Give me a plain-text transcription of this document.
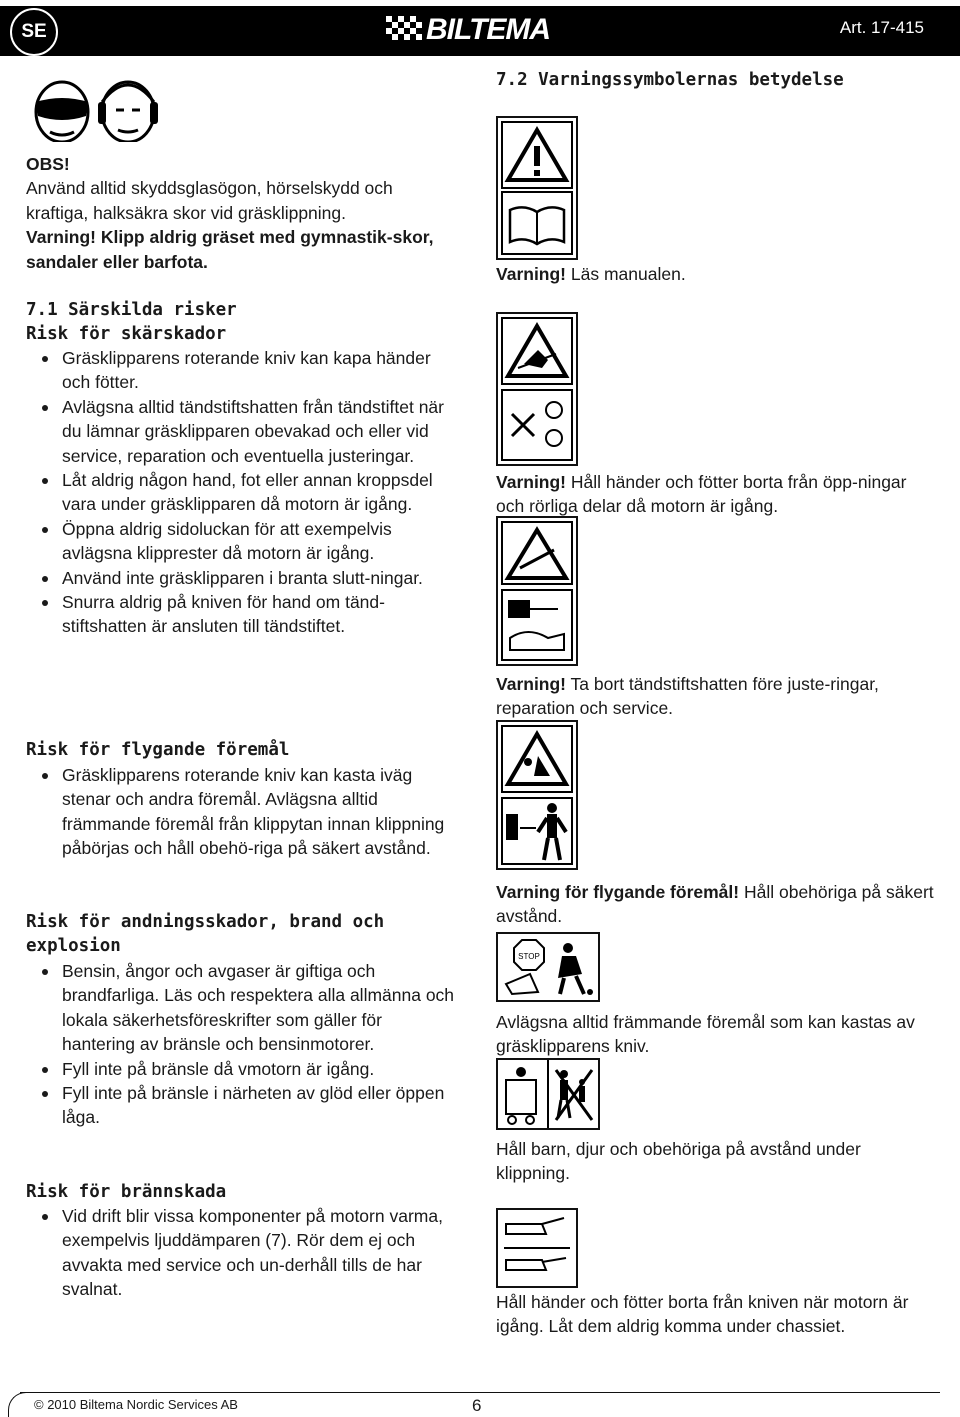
SE	BILTEMA	Art. 17-415
OBS!
Använd alltid skyddsglasögon, hörselskydd och kraftiga, halksäkra skor vid gräsklippning.
Varning! Klipp aldrig gräset med gymnastik-skor, sandaler eller barfota.
7.1 Särskilda risker
Risk för skärskador
Gräsklipparens roterande kniv kan kapa händer och fötter.
Avlägsna alltid tändstiftshatten från tändstiftet när du lämnar gräsklipparen obevakad och eller vid service, reparation och eventuella justeringar.
Låt aldrig någon hand, fot eller annan kroppsdel vara under gräsklipparen då motorn är igång.
Öppna aldrig sidoluckan för att exempelvis avlägsna klipprester då motorn är igång.
Använd inte gräsklipparen i branta slutt-ningar.
Snurra aldrig på kniven för hand om tänd-stiftshatten är ansluten till tändstiftet.
Risk för flygande föremål
Gräsklipparens roterande kniv kan kasta iväg stenar och andra föremål. Avlägsna alltid främmande föremål från klippytan innan klippning påbörjas och håll obehö-riga på säkert avstånd.
Risk för andningsskador, brand och
explosion
Bensin, ångor och avgaser är giftiga och brandfarliga. Läs och respektera alla allmänna och lokala säkerhetsföreskrifter som gäller för hantering av bränsle och bensinmotorer.
Fyll inte på bränsle då vmotorn är igång.
Fyll inte på bränsle i närheten av glöd eller öppen låga.
Risk för brännskada
Vid drift blir vissa komponenter på motorn varma, exempelvis ljuddämparen (7). Rör dem ej och avvakta med service och un-derhåll tills de har svalnat.
7.2 Varningssymbolernas betydelse
Varning! Läs manualen.
Varning! Håll händer och fötter borta från öpp-ningar och rörliga delar då motorn är igång.
Varning! Ta bort tändstiftshatten före juste-ringar, reparation och service.
Varning för flygande föremål! Håll obehöriga på säkert avstånd.
STOP
Avlägsna alltid främmande föremål som kan kastas av gräsklipparens kniv.
Håll barn, djur och obehöriga på avstånd under klippning.
Håll händer och fötter borta från kniven när motorn är igång. Låt dem aldrig komma under chassiet.
© 2010 Biltema Nordic Services AB	6
